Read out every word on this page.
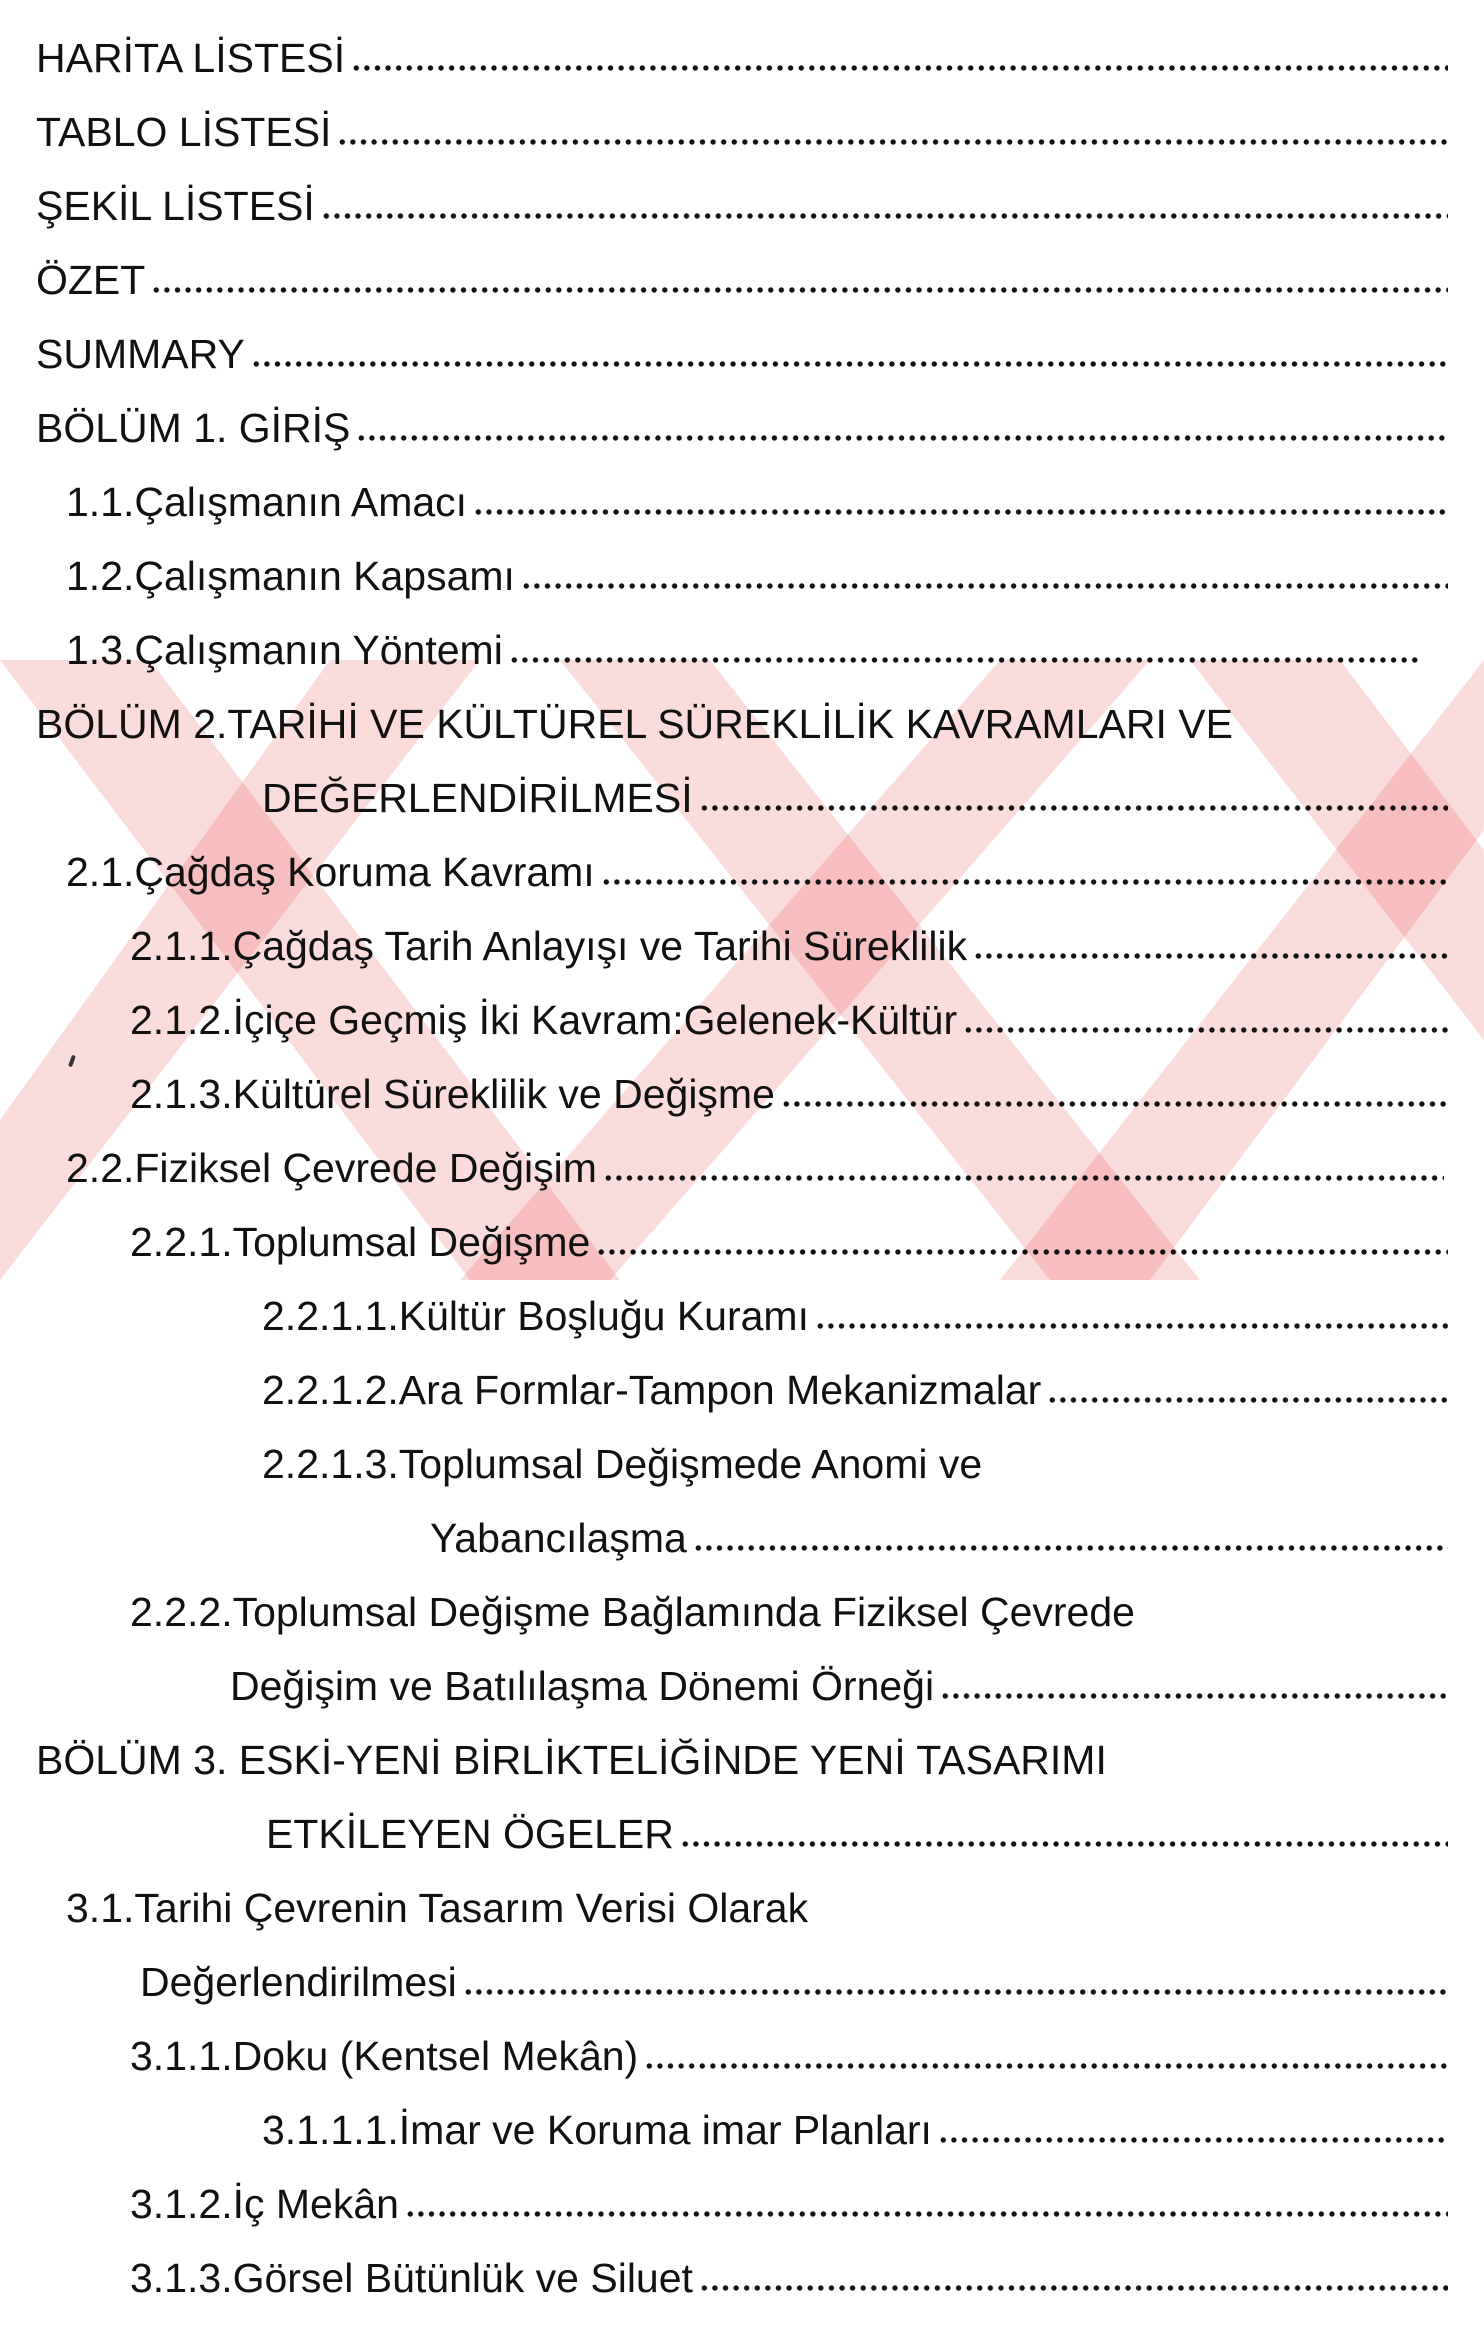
HARİTA LİSTESİ
TABLO LİSTESİ
ŞEKİL LİSTESİ
ÖZET
SUMMARY
BÖLÜM 1. GİRİŞ
1.1.Çalışmanın Amacı
1.2.Çalışmanın Kapsamı
1.3.Çalışmanın Yöntemi
BÖLÜM 2.TARİHİ VE KÜLTÜREL SÜREKLİLİK KAVRAMLARI VE
DEĞERLENDİRİLMESİ
2.1.Çağdaş Koruma Kavramı
2.1.1.Çağdaş Tarih Anlayışı ve Tarihi Süreklilik
2.1.2.İçiçe Geçmiş İki Kavram:Gelenek-Kültür
2.1.3.Kültürel Süreklilik ve Değişme
2.2.Fiziksel Çevrede Değişim
2.2.1.Toplumsal Değişme
2.2.1.1.Kültür Boşluğu Kuramı
2.2.1.2.Ara Formlar-Tampon Mekanizmalar
2.2.1.3.Toplumsal Değişmede Anomi ve
Yabancılaşma
2.2.2.Toplumsal Değişme Bağlamında Fiziksel Çevrede
Değişim ve Batılılaşma Dönemi Örneği
BÖLÜM 3. ESKİ-YENİ BİRLİKTELİĞİNDE YENİ TASARIMI
ETKİLEYEN ÖGELER
3.1.Tarihi Çevrenin Tasarım Verisi Olarak
Değerlendirilmesi
3.1.1.Doku (Kentsel Mekân)
3.1.1.1.İmar ve Koruma imar Planları
3.1.2.İç Mekân
3.1.3.Görsel Bütünlük ve Siluet
